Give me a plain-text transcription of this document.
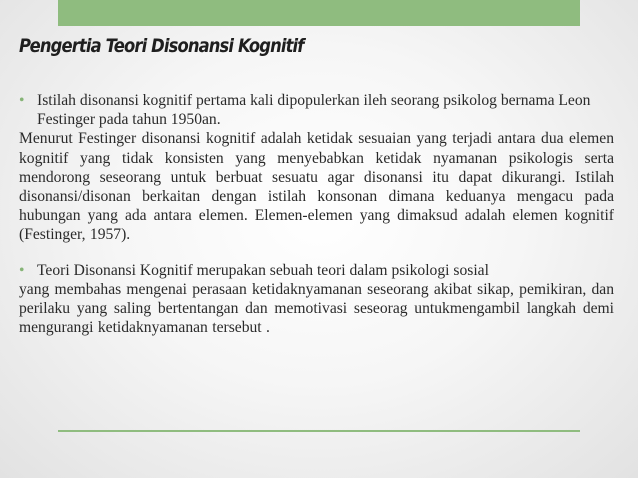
Pengertia Teori Disonansi Kognitif

• Istilah disonansi kognitif pertama kali dipopulerkan ileh seorang psikolog bernama Leon Festinger pada tahun 1950an.

Menurut Festinger disonansi kognitif adalah ketidak sesuaian yang terjadi antara dua elemen kognitif yang tidak konsisten yang menyebabkan ketidak nyamanan psikologis serta mendorong seseorang untuk berbuat sesuatu agar disonansi itu dapat dikurangi. Istilah disonansi/disonan berkaitan dengan istilah konsonan dimana keduanya mengacu pada hubungan yang ada antara elemen. Elemen-elemen yang dimaksud adalah elemen kognitif (Festinger, 1957).

• Teori Disonansi Kognitif merupakan sebuah teori dalam psikologi sosial

yang membahas mengenai perasaan ketidaknyamanan seseorang akibat sikap, pemikiran, dan perilaku yang saling bertentangan dan memotivasi seseorag untukmengambil langkah demi mengurangi ketidaknyamanan tersebut .
